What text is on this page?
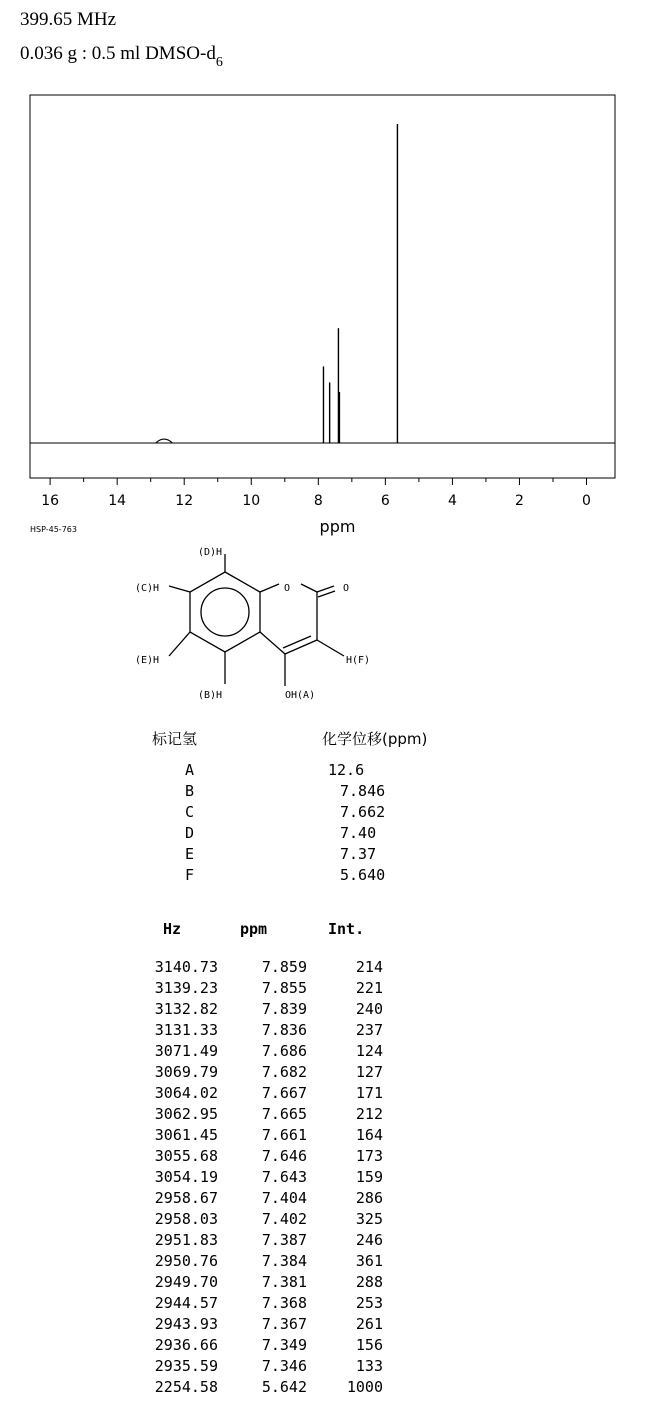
399.65 MHz
0.036 g : 0.5 ml DMSO-$d_6$
16	14	12	10	8	6	4	2	0
ppm
HSP-45-763
(D)H
(C)H
(E)H
(B)H
H(F)
OH(A)
O	O
标记氢	化学位移(ppm)
A	12.6
B	7.846
C	7.662
D	7.40
E	7.37
F	5.640
Hz	ppm	Int.
3140.73	7.859	214
3139.23	7.855	221
3132.82	7.839	240
3131.33	7.836	237
3071.49	7.686	124
3069.79	7.682	127
3064.02	7.667	171
3062.95	7.665	212
3061.45	7.661	164
3055.68	7.646	173
3054.19	7.643	159
2958.67	7.404	286
2958.03	7.402	325
2951.83	7.387	246
2950.76	7.384	361
2949.70	7.381	288
2944.57	7.368	253
2943.93	7.367	261
2936.66	7.349	156
2935.59	7.346	133
2254.58	5.642	1000
